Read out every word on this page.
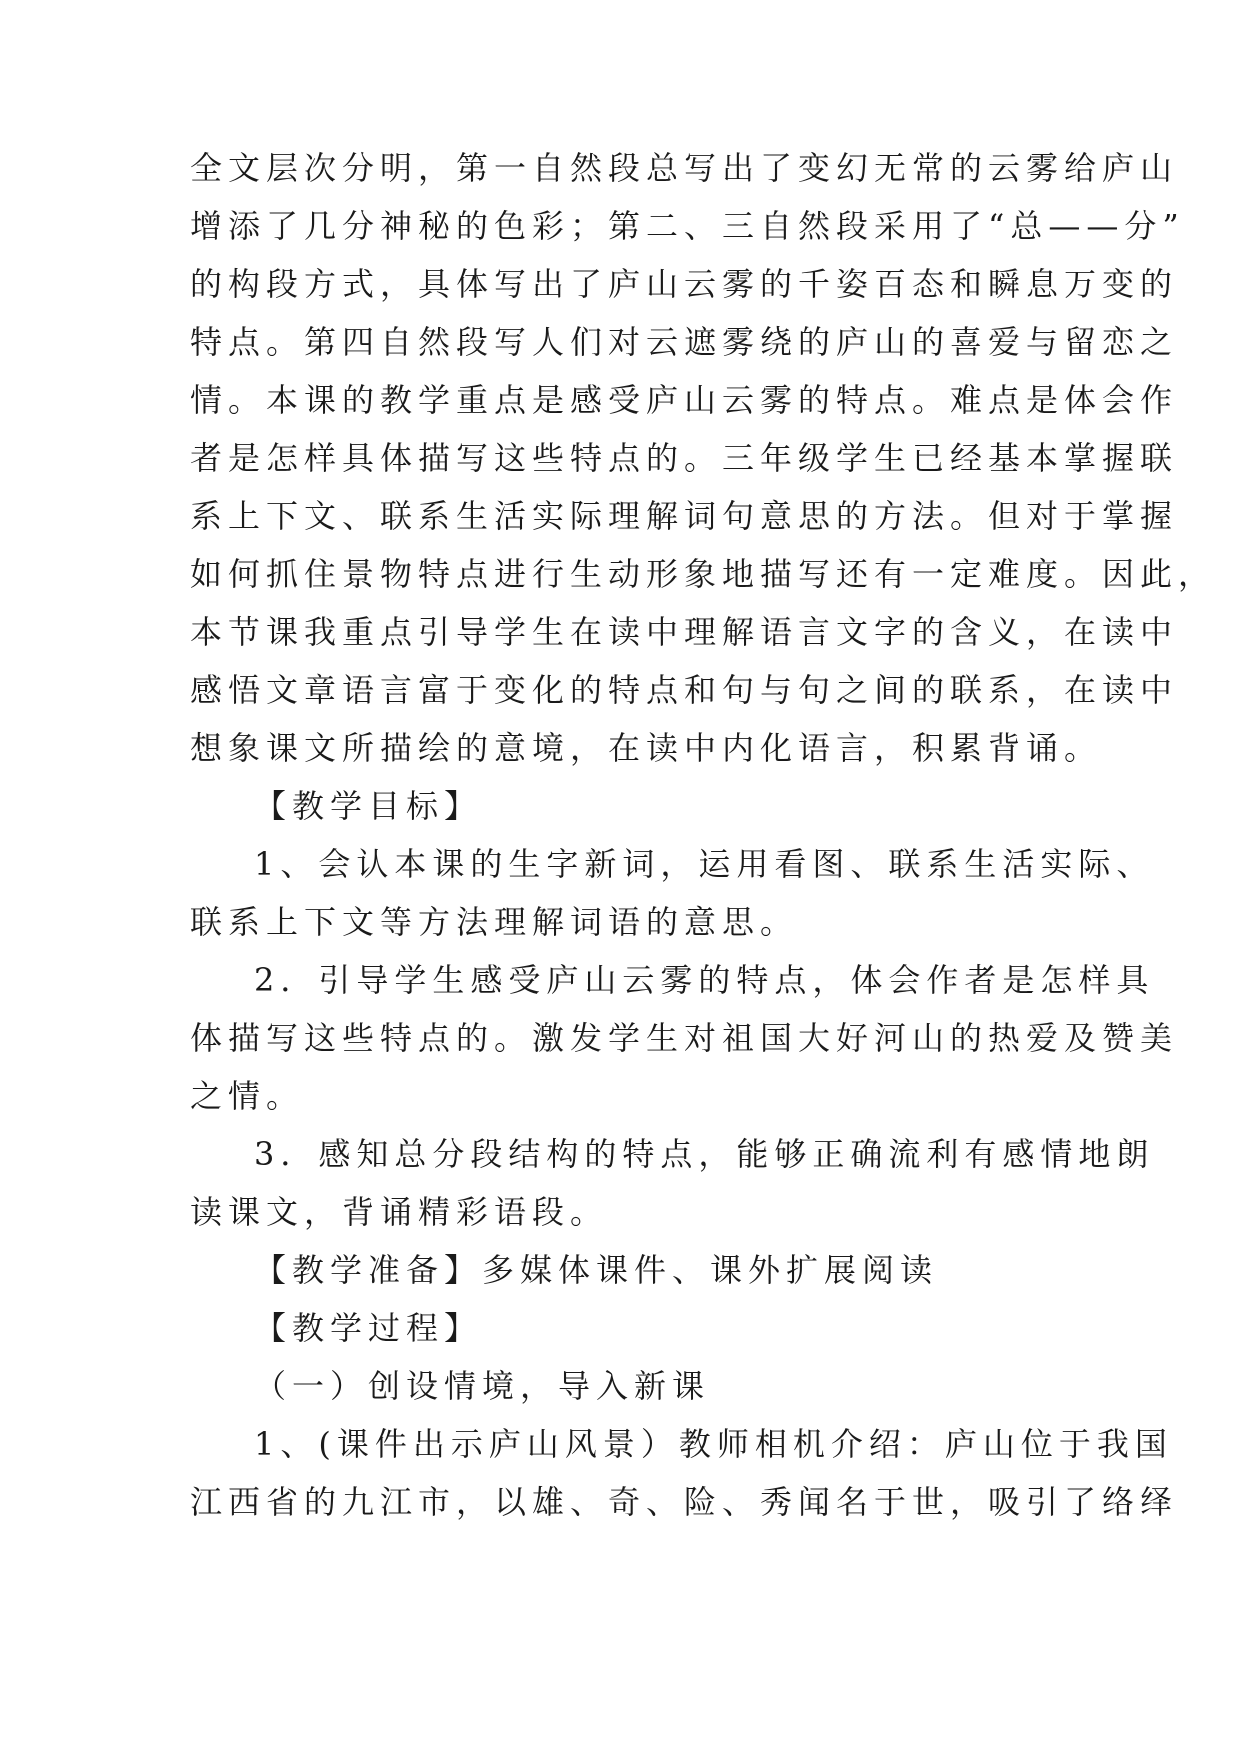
全文层次分明，第一自然段总写出了变幻无常的云雾给庐山
增添了几分神秘的色彩；第二、三自然段采用了“总——分”
的构段方式，具体写出了庐山云雾的千姿百态和瞬息万变的
特点。第四自然段写人们对云遮雾绕的庐山的喜爱与留恋之
情。本课的教学重点是感受庐山云雾的特点。难点是体会作
者是怎样具体描写这些特点的。三年级学生已经基本掌握联
系上下文、联系生活实际理解词句意思的方法。但对于掌握
如何抓住景物特点进行生动形象地描写还有一定难度。因此，
本节课我重点引导学生在读中理解语言文字的含义，在读中
感悟文章语言富于变化的特点和句与句之间的联系，在读中
想象课文所描绘的意境，在读中内化语言，积累背诵。
【教学目标】
1、会认本课的生字新词，运用看图、联系生活实际、
联系上下文等方法理解词语的意思。
2．引导学生感受庐山云雾的特点，体会作者是怎样具
体描写这些特点的。激发学生对祖国大好河山的热爱及赞美
之情。
3．感知总分段结构的特点，能够正确流利有感情地朗
读课文，背诵精彩语段。
【教学准备】多媒体课件、课外扩展阅读
【教学过程】
（一）创设情境，导入新课
1、(课件出示庐山风景）教师相机介绍：庐山位于我国
江西省的九江市，以雄、奇、险、秀闻名于世，吸引了络绎
